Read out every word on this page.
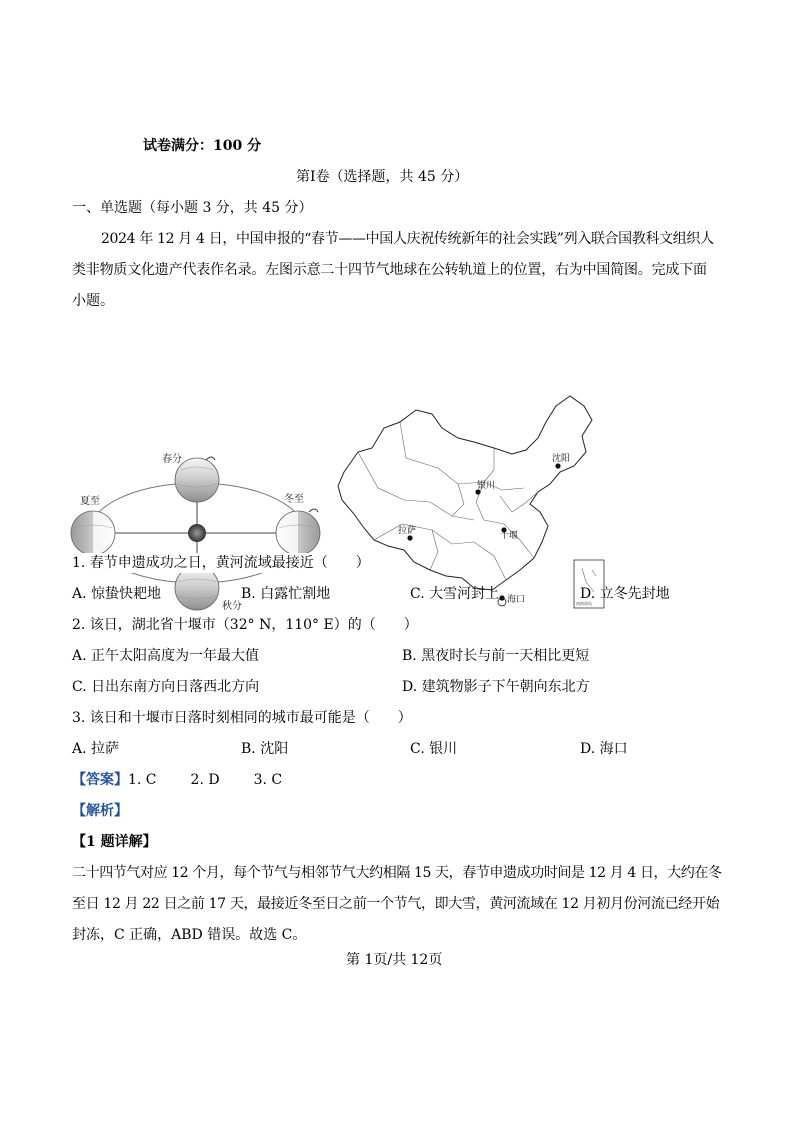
试卷满分：100 分
第Ⅰ卷（选择题，共 45 分）
一、单选题（每小题 3 分，共 45 分）
2024 年 12 月 4 日，中国申报的“春节——中国人庆祝传统新年的社会实践”列入联合国教科文组织人
类非物质文化遗产代表作名录。左图示意二十四节气地球在公转轨道上的位置，右为中国简图。完成下面
小题。
春分
夏至	冬至
秋分	南海诸岛
沈阳
银川
拉萨	十堰
海口
1. 春节申遗成功之日，黄河流域最接近（　　）
A. 惊蛰快耙地	B. 白露忙割地	C. 大雪河封上	D. 立冬先封地
2. 该日，湖北省十堰市（32° N，110° E）的（　　）
A. 正午太阳高度为一年最大值	B. 黑夜时长与前一天相比更短
C. 日出东南方向日落西北方向	D. 建筑物影子下午朝向东北方
3. 该日和十堰市日落时刻相同的城市最可能是（　　）
A. 拉萨	B. 沈阳	C. 银川	D. 海口
【答案】1. C 2. D 3. C
【解析】
【1 题详解】
二十四节气对应 12 个月，每个节气与相邻节气大约相隔 15 天，春节申遗成功时间是 12 月 4 日，大约在冬
至日 12 月 22 日之前 17 天，最接近冬至日之前一个节气，即大雪，黄河流域在 12 月初月份河流已经开始
封冻，C 正确，ABD 错误。故选 C。
第 1页/共 12页
